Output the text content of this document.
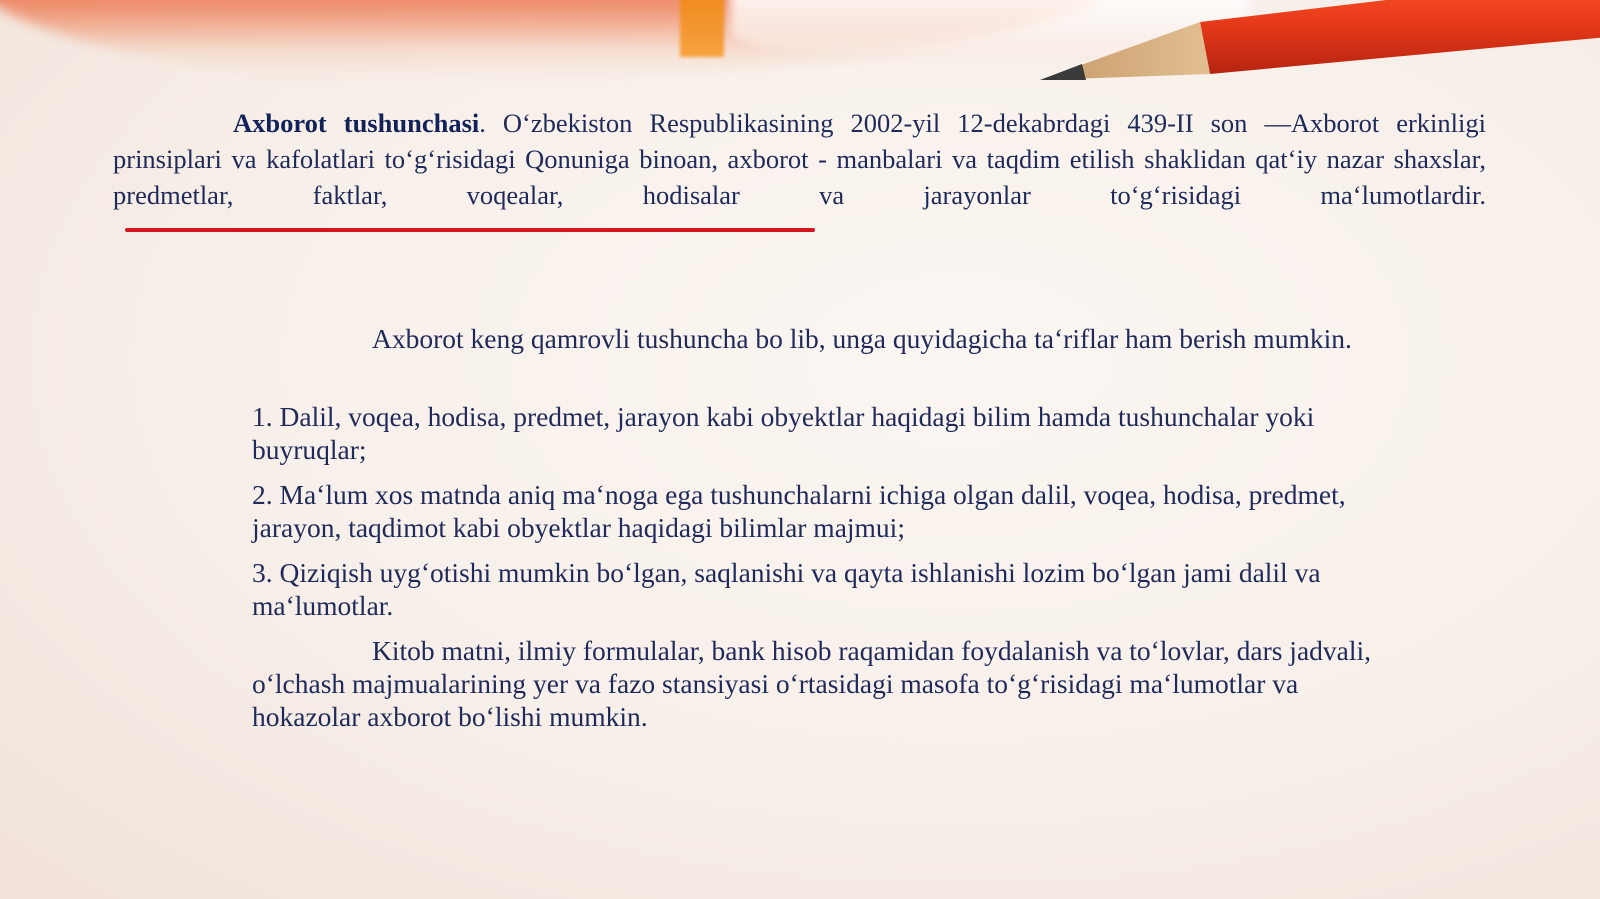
Axborot tushunchasi. O‘zbekiston Respublikasining 2002-yil 12-dekabrdagi 439-II son —Axborot erkinligi prinsiplari va kafolatlari to‘g‘risidagi Qonuniga binoan, axborot - manbalari va taqdim etilish shaklidan qat‘iy nazar shaxslar, predmetlar, faktlar, voqealar, hodisalar va jarayonlar to‘g‘risidagi ma‘lumotlardir.

Axborot keng qamrovli tushuncha bo lib, unga quyidagicha ta‘riflar ham berish mumkin.

1. Dalil, voqea, hodisa, predmet, jarayon kabi obyektlar haqidagi bilim hamda tushunchalar yoki buyruqlar;

2. Ma‘lum xos matnda aniq ma‘noga ega tushunchalarni ichiga olgan dalil, voqea, hodisa, predmet, jarayon, taqdimot kabi obyektlar haqidagi bilimlar majmui;

3. Qiziqish uyg‘otishi mumkin bo‘lgan, saqlanishi va qayta ishlanishi lozim bo‘lgan jami dalil va ma‘lumotlar.

Kitob matni, ilmiy formulalar, bank hisob raqamidan foydalanish va to‘lovlar, dars jadvali, o‘lchash majmualarining yer va fazo stansiyasi o‘rtasidagi masofa to‘g‘risidagi ma‘lumotlar va hokazolar axborot bo‘lishi mumkin.
